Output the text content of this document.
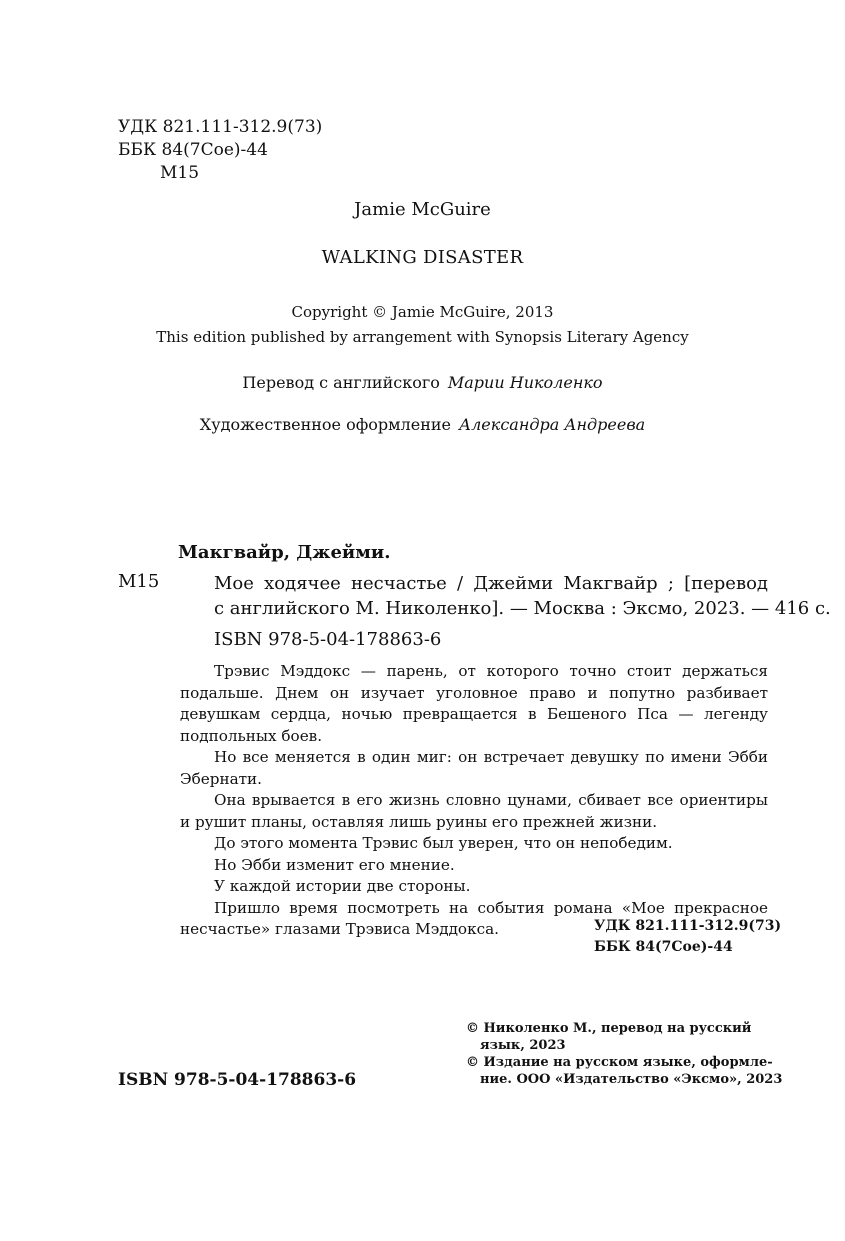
УДК 821.111-312.9(73)
ББК 84(7Сое)-44
М15
Jamie McGuire
WALKING DISASTER
Copyright © Jamie McGuire, 2013
This edition published by arrangement with Synopsis Literary Agency
Перевод с английского Марии Николенко
Художественное оформление Александра Андреева
Макгвайр, Джейми.
М15	Мое ходячее несчастье / Джейми Макгвайр ; [перевод
с английского М. Николенко]. — Москва : Эксмо, 2023. — 416 с.
ISBN 978-5-04-178863-6

Трэвис Мэддокс — парень, от которого точно стоит держаться подальше. Днем он изучает уголовное право и попутно разбивает девушкам сердца, ночью превращается в Бешеного Пса — легенду подпольных боев.

Но все меняется в один миг: он встречает девушку по имени Эбби Эбернати.

Она врывается в его жизнь словно цунами, сбивает все ориентиры и рушит планы, оставляя лишь руины его прежней жизни.

До этого момента Трэвис был уверен, что он непобедим.

Но Эбби изменит его мнение.

У каждой истории две стороны.

Пришло время посмотреть на события романа «Мое прекрасное несчастье» глазами Трэвиса Мэддокса.	УДК 821.111-312.9(73)
ББК 84(7Сое)-44
ISBN 978-5-04-178863-6
© Николенко М., перевод на русский
язык, 2023
© Издание на русском языке, оформле-
ние. ООО «Издательство «Эксмо», 2023
